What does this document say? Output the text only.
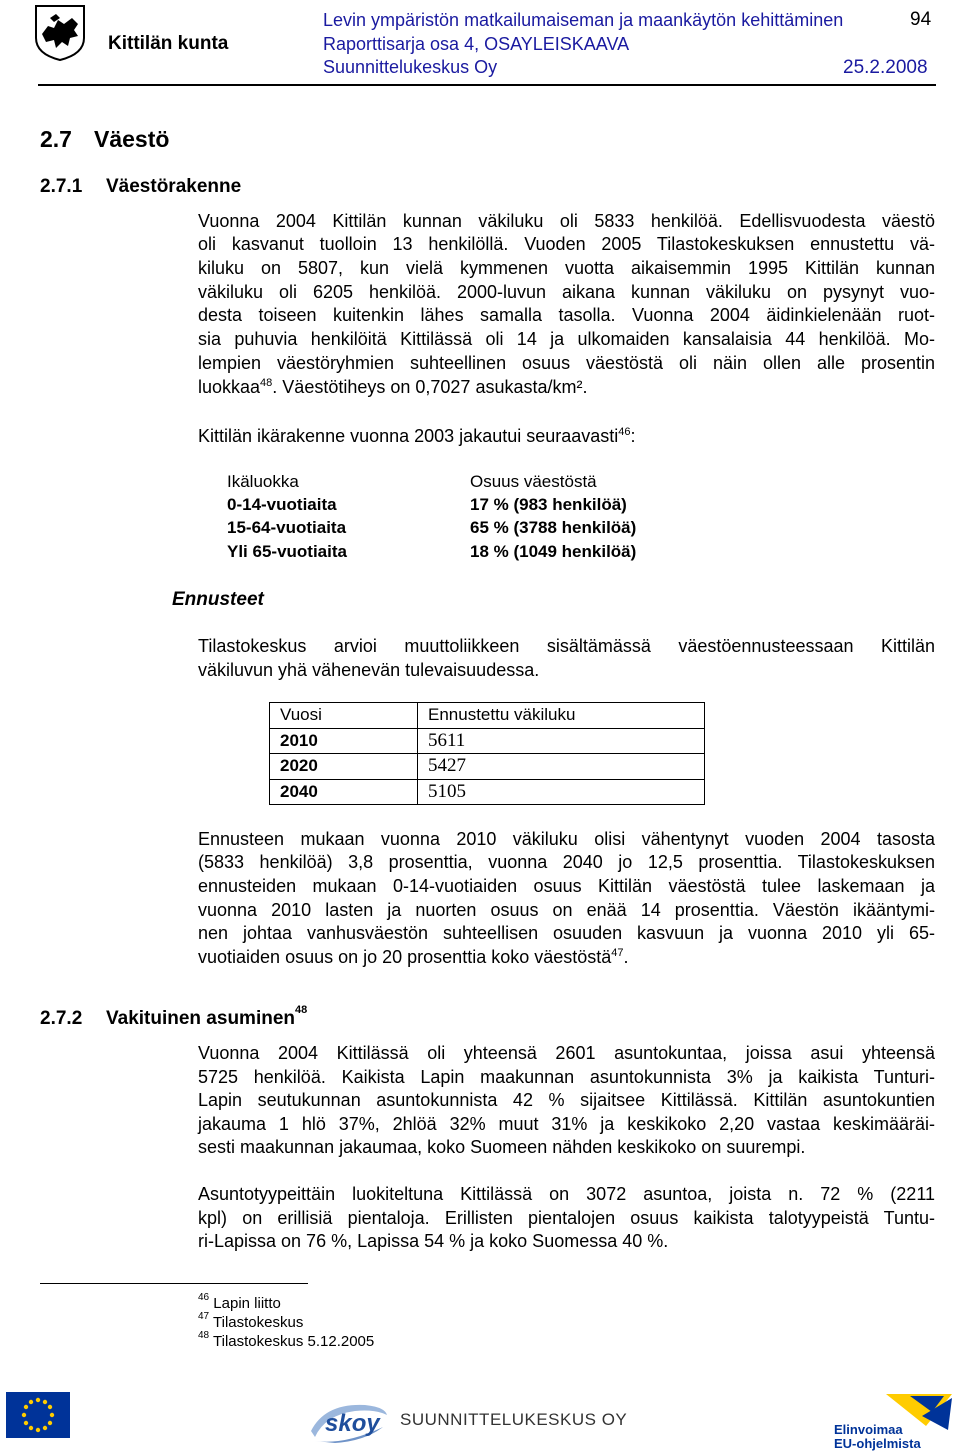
Kittilän kunta
Levin ympäristön matkailumaiseman ja maankäytön kehittäminen
Raporttisarja osa 4, OSAYLEISKAAVA
Suunnittelukeskus Oy
94
25.2.2008
2.7 Väestö
2.7.1 Väestörakenne
Vuonna 2004 Kittilän kunnan väkiluku oli 5833 henkilöä. Edellisvuodesta väestö
oli kasvanut tuolloin 13 henkilöllä. Vuoden 2005 Tilastokeskuksen ennustettu vä-
kiluku on 5807, kun vielä kymmenen vuotta aikaisemmin 1995 Kittilän kunnan
väkiluku oli 6205 henkilöä. 2000-luvun aikana kunnan väkiluku on pysynyt vuo-
desta toiseen kuitenkin lähes samalla tasolla. Vuonna 2004 äidinkielenään ruot-
sia puhuvia henkilöitä Kittilässä oli 14 ja ulkomaiden kansalaisia 44 henkilöä. Mo-
lempien väestöryhmien suhteellinen osuus väestöstä oli näin ollen alle prosentin
luokkaa$^{48}$. Väestötiheys on 0,7027 asukasta/km².
Kittilän ikärakenne vuonna 2003 jakautui seuraavasti$^{46}$:
Ikäluokka	Osuus väestöstä
0-14-vuotiaita	17 % (983 henkilöä)
15-64-vuotiaita	65 % (3788 henkilöä)
Yli 65-vuotiaita	18 % (1049 henkilöä)
Ennusteet
Tilastokeskus arvioi muuttoliikkeen sisältämässä väestöennusteessaan Kittilän
väkiluvun yhä vähenevän tulevaisuudessa.
Vuosi	Ennustettu väkiluku
2010	5611
2020	5427
2040	5105
Ennusteen mukaan vuonna 2010 väkiluku olisi vähentynyt vuoden 2004 tasosta
(5833 henkilöä) 3,8 prosenttia, vuonna 2040 jo 12,5 prosenttia. Tilastokeskuksen
ennusteiden mukaan 0-14-vuotiaiden osuus Kittilän väestöstä tulee laskemaan ja
vuonna 2010 lasten ja nuorten osuus on enää 14 prosenttia. Väestön ikääntymi-
nen johtaa vanhusväestön suhteellisen osuuden kasvuun ja vuonna 2010 yli 65-
vuotiaiden osuus on jo 20 prosenttia koko väestöstä$^{47}$.
2.7.2 Vakituinen asuminen$^{48}$
Vuonna 2004 Kittilässä oli yhteensä 2601 asuntokuntaa, joissa asui yhteensä
5725 henkilöä. Kaikista Lapin maakunnan asuntokunnista 3% ja kaikista Tunturi-
Lapin seutukunnan asuntokunnista 42 % sijaitsee Kittilässä. Kittilän asuntokuntien
jakauma 1 hlö 37%, 2hlöä 32% muut 31% ja keskikoko 2,20 vastaa keskimääräi-
sesti maakunnan jakaumaa, koko Suomeen nähden keskikoko on suurempi.
Asuntotyypeittäin luokiteltuna Kittilässä on 3072 asuntoa, joista n. 72 % (2211
kpl) on erillisiä pientaloja. Erillisten pientalojen osuus kaikista talotyypeistä Tuntu-
ri-Lapissa on 76 %, Lapissa 54 % ja koko Suomessa 40 %.
$^{46}$ Lapin liitto
$^{47}$ Tilastokeskus
$^{48}$ Tilastokeskus 5.12.2005
skoy SUUNNITTELUKESKUS OY
Elinvoimaa
EU-ohjelmista
